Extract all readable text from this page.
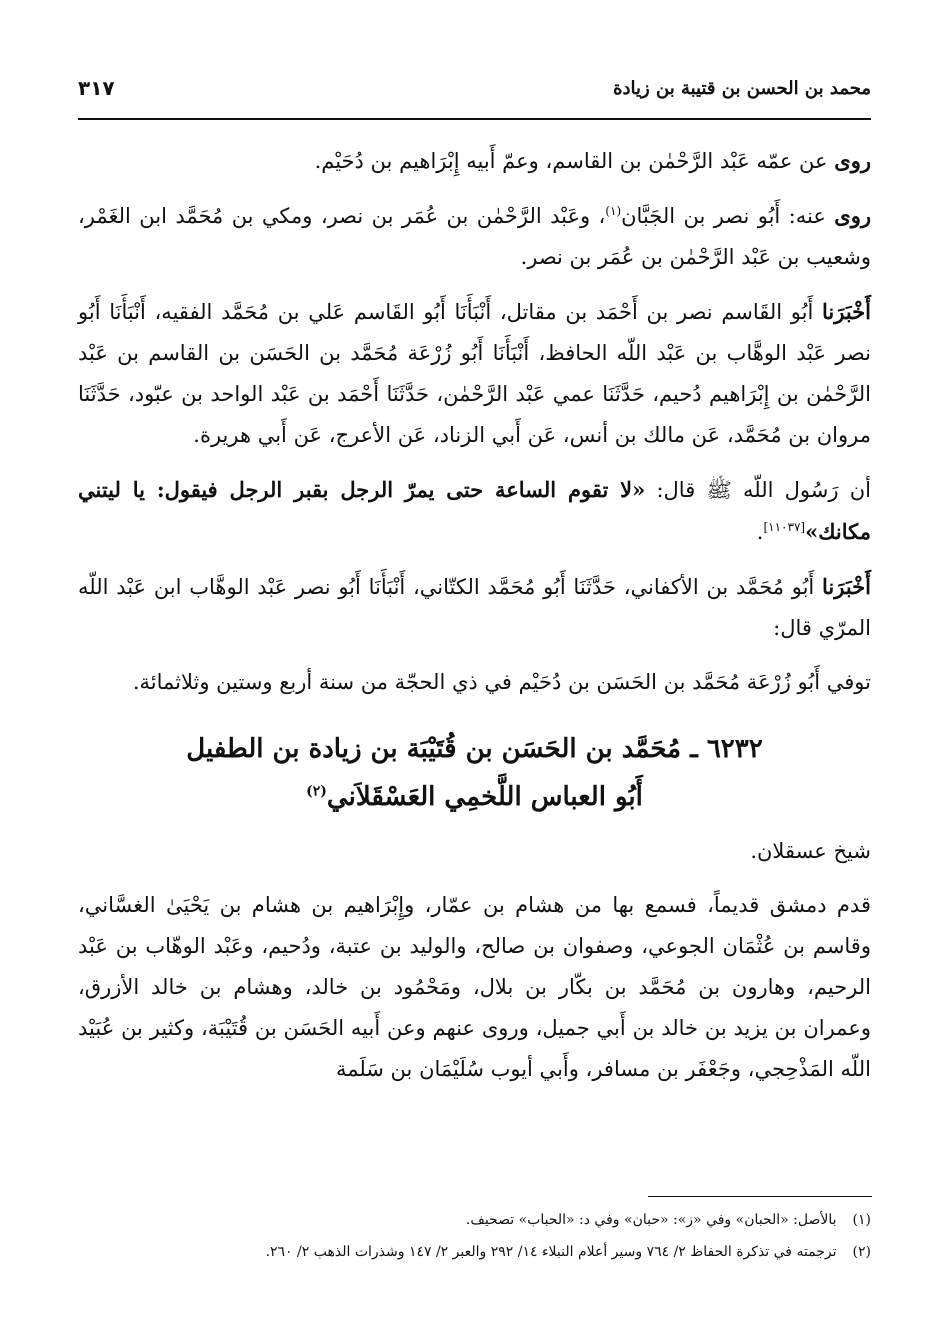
محمد بن الحسن بن قتيبة بن زيادة
٣١٧

روى عن عمّه عَبْد الرَّحْمٰن بن القاسم، وعمّ أَبيه إِبْرَاهيم بن دُحَيْم.

روى عنه: أَبُو نصر بن الجَبَّان$^{(١)}$، وعَبْد الرَّحْمٰن بن عُمَر بن نصر، ومكي بن مُحَمَّد ابن الغَمْر، وشعيب بن عَبْد الرَّحْمٰن بن عُمَر بن نصر.

أَخْبَرَنا أَبُو القَاسم نصر بن أَحْمَد بن مقاتل، أَنْبَأَنَا أَبُو القَاسم عَلي بن مُحَمَّد الفقيه، أَنْبَأَنَا أَبُو نصر عَبْد الوهَّاب بن عَبْد اللّه الحافظ، أَنْبَأَنَا أَبُو زُرْعَة مُحَمَّد بن الحَسَن بن القاسم بن عَبْد الرَّحْمٰن بن إِبْرَاهيم دُحيم، حَدَّثَنَا عمي عَبْد الرَّحْمٰن، حَدَّثَنَا أَحْمَد بن عَبْد الواحد بن عبّود، حَدَّثَنَا مروان بن مُحَمَّد، عَن مالك بن أنس، عَن أَبي الزناد، عَن الأعرج، عَن أَبي هريرة.

أن رَسُول اللّه ﷺ قال: «لا تقوم الساعة حتى يمرّ الرجل بقبر الرجل فيقول: يا ليتني مكانك»[١١٠٣٧].

أَخْبَرَنا أَبُو مُحَمَّد بن الأكفاني، حَدَّثَنَا أَبُو مُحَمَّد الكتّاني، أَنْبَأَنَا أَبُو نصر عَبْد الوهَّاب ابن عَبْد اللّه المرّي قال:

توفي أَبُو زُرْعَة مُحَمَّد بن الحَسَن بن دُحَيْم في ذي الحجّة من سنة أربع وستين وثلاثمائة.

٦٢٣٢ ـ مُحَمَّد بن الحَسَن بن قُتَيْبَة بن زيادة بن الطفيل
أَبُو العباس اللَّخمِي العَسْقَلاَني$^{(٢)}$

شيخ عسقلان.

قدم دمشق قديماً، فسمع بها من هشام بن عمّار، وإِبْرَاهيم بن هشام بن يَحْيَىٰ الغسَّاني، وقاسم بن عُثْمَان الجوعي، وصفوان بن صالح، والوليد بن عتبة، ودُحيم، وعَبْد الوهّاب بن عَبْد الرحيم، وهارون بن مُحَمَّد بن بكّار بن بلال، ومَحْمُود بن خالد، وهشام بن خالد الأزرق، وعمران بن يزيد بن خالد بن أَبي جميل، وروى عنهم وعن أَبيه الحَسَن بن قُتَيْبَة، وكثير بن عُبَيْد اللّه المَذْحِجي، وجَعْفَر بن مسافر، وأَبي أيوب سُلَيْمَان بن سَلَمة

(١) بالأصل: «الحبان» وفي «ز»: «حبان» وفي د: «الحباب» تصحيف.

(٢) ترجمته في تذكرة الحفاظ ٢/ ٧٦٤ وسير أعلام النبلاء ١٤/ ٢٩٢ والعبر ٢/ ١٤٧ وشذرات الذهب ٢/ ٢٦٠.
